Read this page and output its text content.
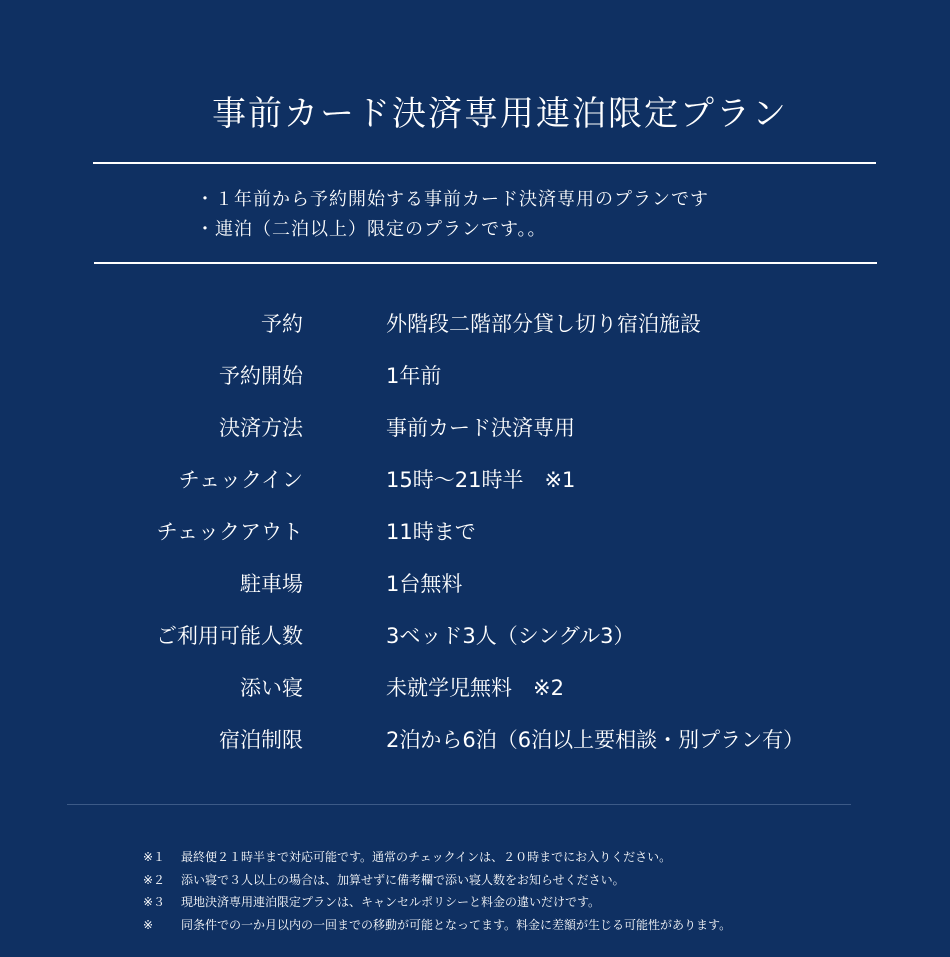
事前カード決済専用連泊限定プラン
・１年前から予約開始する事前カード決済専用のプランです
・連泊（二泊以上）限定のプランです。。
予約	外階段二階部分貸し切り宿泊施設
予約開始	1年前
決済方法	事前カード決済専用
チェックイン	15時〜21時半　※1
チェックアウト	11時まで
駐車場	1台無料
ご利用可能人数	3ベッド3人（シングル3）
添い寝	未就学児無料　※2
宿泊制限	2泊から6泊（6泊以上要相談・別プラン有）
※１ 最終便２１時半まで対応可能です。通常のチェックインは、２０時までにお入りください。
※２ 添い寝で３人以上の場合は、加算せずに備考欄で添い寝人数をお知らせください。
※３ 現地決済専用連泊限定プランは、キャンセルポリシーと料金の違いだけです。
※ 同条件での一か月以内の一回までの移動が可能となってます。料金に差額が生じる可能性があります。
